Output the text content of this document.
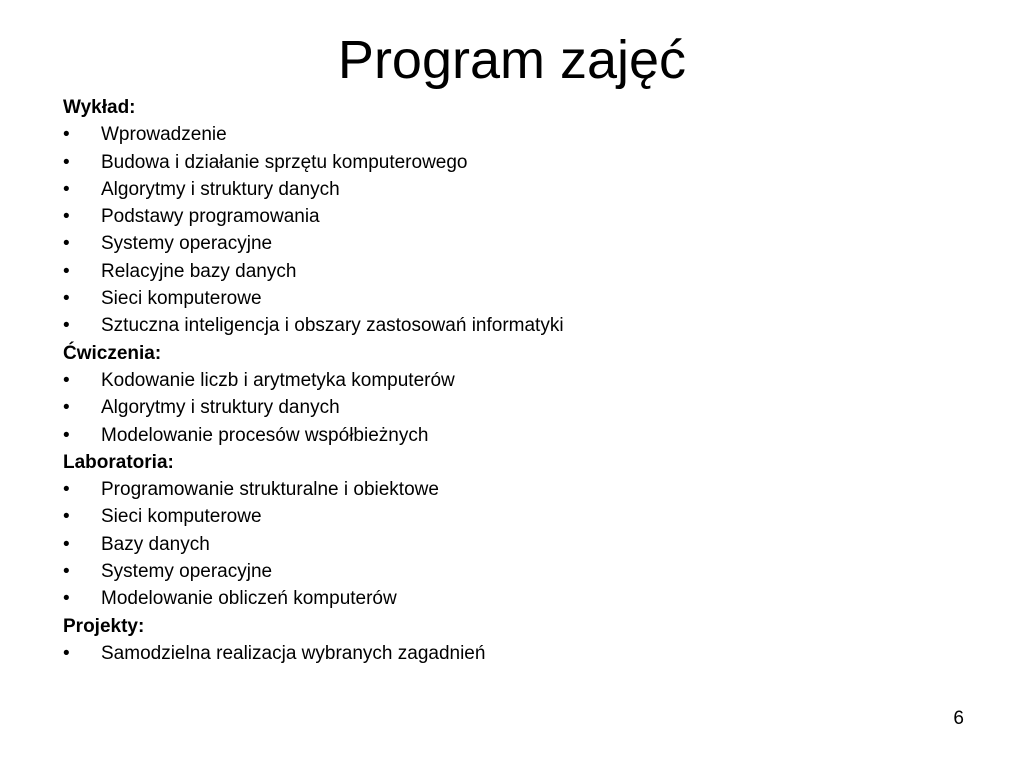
Program zajęć

Wykład:

•	Wprowadzenie
•	Budowa i działanie sprzętu komputerowego
•	Algorytmy i struktury danych
•	Podstawy programowania
•	Systemy operacyjne
•	Relacyjne bazy danych
•	Sieci komputerowe
•	Sztuczna inteligencja i obszary zastosowań informatyki

Ćwiczenia:

•	Kodowanie liczb i arytmetyka komputerów
•	Algorytmy i struktury danych
•	Modelowanie procesów współbieżnych

Laboratoria:

•	Programowanie strukturalne i obiektowe
•	Sieci komputerowe
•	Bazy danych
•	Systemy operacyjne
•	Modelowanie obliczeń komputerów

Projekty:

•	Samodzielna realizacja wybranych zagadnień
6
